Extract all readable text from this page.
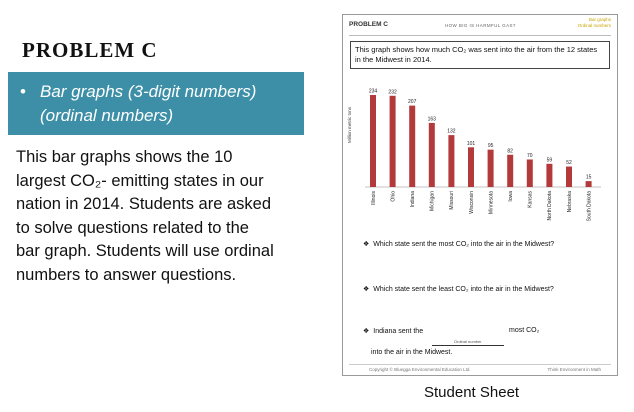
PROBLEM C
• Bar graphs (3-digit numbers)
(ordinal numbers)
This bar graphs shows the 10
largest CO₂- emitting states in our
nation in 2014. Students are asked
to solve questions related to the
bar graph. Students will use ordinal
numbers to answer questions.
PROBLEM C	HOW BIG IS HARMFUL GAS?
Bar graphs
Ordinal numbers
This graph shows how much CO₂ was sent into the air from the 12 states
in the Midwest in 2014.
Million metric tons
234
Illinois
232
Ohio
207
Indiana
163
Michigan
132
Missouri
101
Wisconsin
95
Minnesota
82
Iowa
70
Kansas
59
North Dakota
52
Nebraska
15
South Dakota
❖ Which state sent the most CO₂ into the air in the Midwest?
❖ Which state sent the least CO₂ into the air in the Midwest?
❖ Indiana sent the
Ordinal number
most CO₂
into the air in the Midwest.
Copyright © Bluegga Environmental Education Ltd.	Think Environment in Math
Student Sheet
